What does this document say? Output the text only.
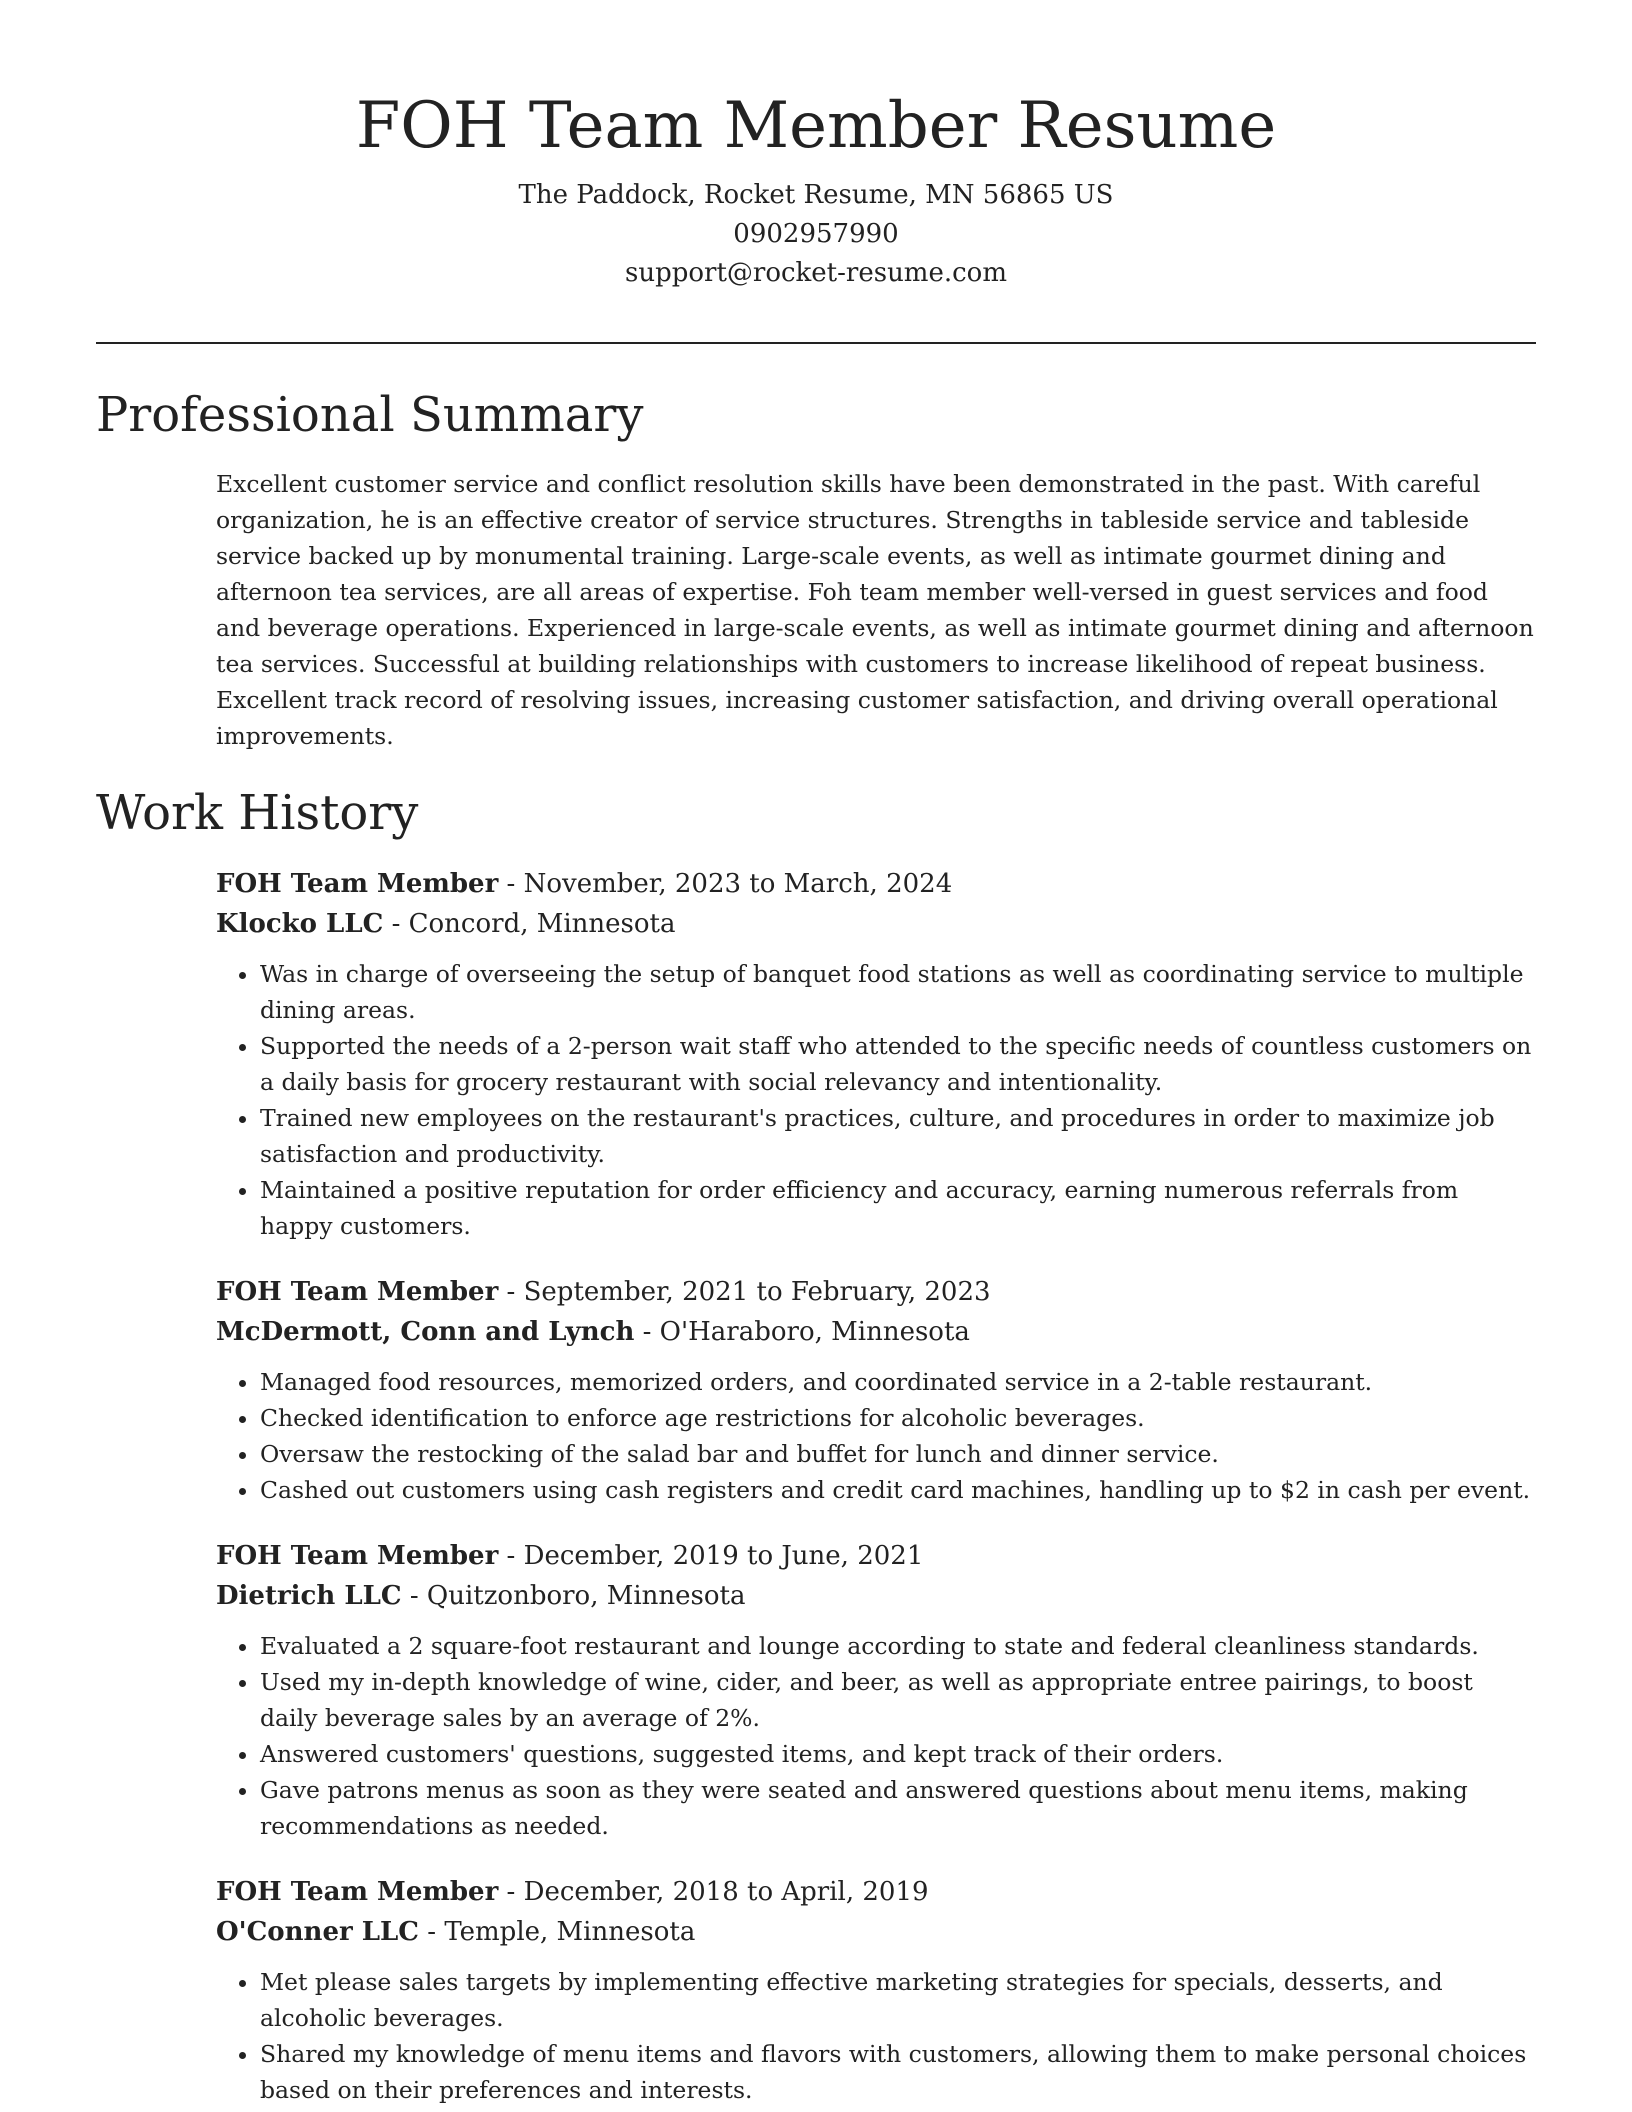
FOH Team Member Resume
The Paddock, Rocket Resume, MN 56865 US
0902957990
support@rocket-resume.com
Professional Summary

Excellent customer service and conflict resolution skills have been demonstrated in the past. With careful organization, he is an effective creator of service structures. Strengths in tableside service and tableside service backed up by monumental training. Large-scale events, as well as intimate gourmet dining and afternoon tea services, are all areas of expertise. Foh team member well-versed in guest services and food and beverage operations. Experienced in large-scale events, as well as intimate gourmet dining and afternoon tea services. Successful at building relationships with customers to increase likelihood of repeat business. Excellent track record of resolving issues, increasing customer satisfaction, and driving overall operational improvements.

Work History
FOH Team Member - November, 2023 to March, 2024
Klocko LLC - Concord, Minnesota
• Was in charge of overseeing the setup of banquet food stations as well as coordinating service to multiple dining areas.
• Supported the needs of a 2-person wait staff who attended to the specific needs of countless customers on a daily basis for grocery restaurant with social relevancy and intentionality.
• Trained new employees on the restaurant's practices, culture, and procedures in order to maximize job satisfaction and productivity.
• Maintained a positive reputation for order efficiency and accuracy, earning numerous referrals from happy customers.
FOH Team Member - September, 2021 to February, 2023
McDermott, Conn and Lynch - O'Haraboro, Minnesota
• Managed food resources, memorized orders, and coordinated service in a 2-table restaurant.
• Checked identification to enforce age restrictions for alcoholic beverages.
• Oversaw the restocking of the salad bar and buffet for lunch and dinner service.
• Cashed out customers using cash registers and credit card machines, handling up to $2 in cash per event.
FOH Team Member - December, 2019 to June, 2021
Dietrich LLC - Quitzonboro, Minnesota
• Evaluated a 2 square-foot restaurant and lounge according to state and federal cleanliness standards.
• Used my in-depth knowledge of wine, cider, and beer, as well as appropriate entree pairings, to boost daily beverage sales by an average of 2%.
• Answered customers' questions, suggested items, and kept track of their orders.
• Gave patrons menus as soon as they were seated and answered questions about menu items, making recommendations as needed.
FOH Team Member - December, 2018 to April, 2019
O'Conner LLC - Temple, Minnesota
• Met please sales targets by implementing effective marketing strategies for specials, desserts, and alcoholic beverages.
• Shared my knowledge of menu items and flavors with customers, allowing them to make personal choices based on their preferences and interests.
